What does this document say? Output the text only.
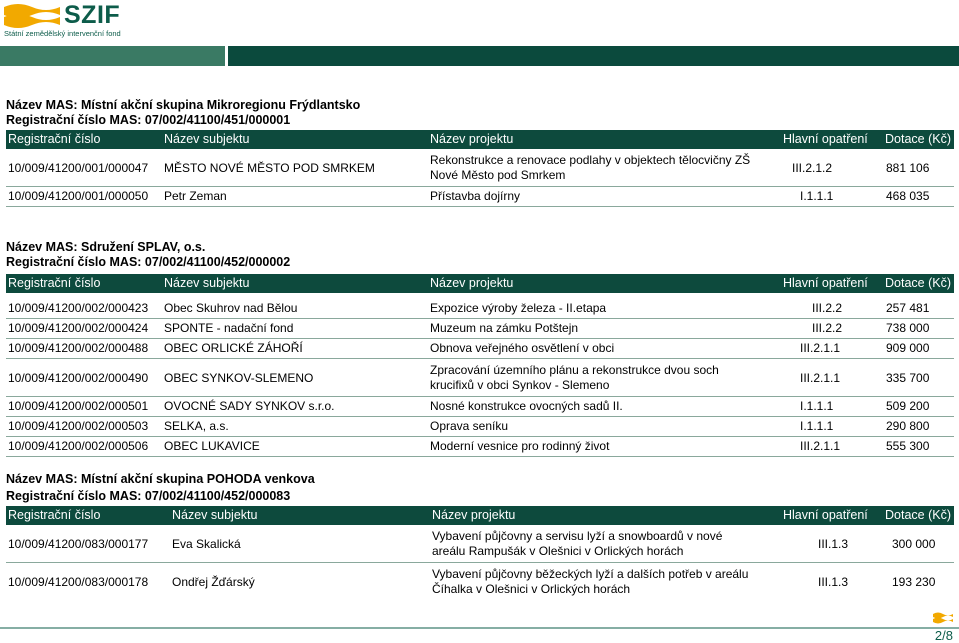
SZIF
Státní zemědělský intervenční fond
Název MAS: Místní akční skupina Mikroregionu Frýdlantsko
Registrační číslo MAS: 07/002/41100/451/000001
Registrační číslo	Název subjektu	Název projektu	Hlavní opatření Dotace (Kč)
10/009/41200/001/000047 MĚSTO NOVÉ MĚSTO POD SMRKEM
Rekonstrukce a renovace podlahy v objektech tělocvičny ZŠ
Nové Město pod Smrkem	III.2.1.2	881 106
10/009/41200/001/000050 Petr Zeman	Přístavba dojírny	I.1.1.1	468 035
Název MAS: Sdružení SPLAV, o.s.
Registrační číslo MAS: 07/002/41100/452/000002
Registrační číslo	Název subjektu	Název projektu	Hlavní opatření Dotace (Kč)
10/009/41200/002/000423 Obec Skuhrov nad Bělou	Expozice výroby železa - II.etapa	III.2.2	257 481
10/009/41200/002/000424 SPONTE - nadační fond	Muzeum na zámku Potštejn	III.2.2	738 000
10/009/41200/002/000488 OBEC ORLICKÉ ZÁHOŘÍ	Obnova veřejného osvětlení v obci	III.2.1.1	909 000
10/009/41200/002/000490 OBEC SYNKOV-SLEMENO
Zpracování územního plánu a rekonstrukce dvou soch
krucifixů v obci Synkov - Slemeno	III.2.1.1	335 700
10/009/41200/002/000501 OVOCNÉ SADY SYNKOV s.r.o.	Nosné konstrukce ovocných sadů II.	I.1.1.1	509 200
10/009/41200/002/000503 SELKA, a.s.	Oprava seníku	I.1.1.1	290 800
10/009/41200/002/000506 OBEC LUKAVICE	Moderní vesnice pro rodinný život	III.2.1.1	555 300
Název MAS: Místní akční skupina POHODA venkova
Registrační číslo MAS: 07/002/41100/452/000083
Registrační číslo	Název subjektu	Název projektu	Hlavní opatření Dotace (Kč)
10/009/41200/083/000177 Eva Skalická
Vybavení půjčovny a servisu lyží a snowboardů v nové
areálu Rampušák v Olešnici v Orlických horách	III.1.3	300 000
10/009/41200/083/000178 Ondřej Žďárský
Vybavení půjčovny běžeckých lyží a dalších potřeb v areálu
Číhalka v Olešnici v Orlických horách	III.1.3	193 230
2/8
